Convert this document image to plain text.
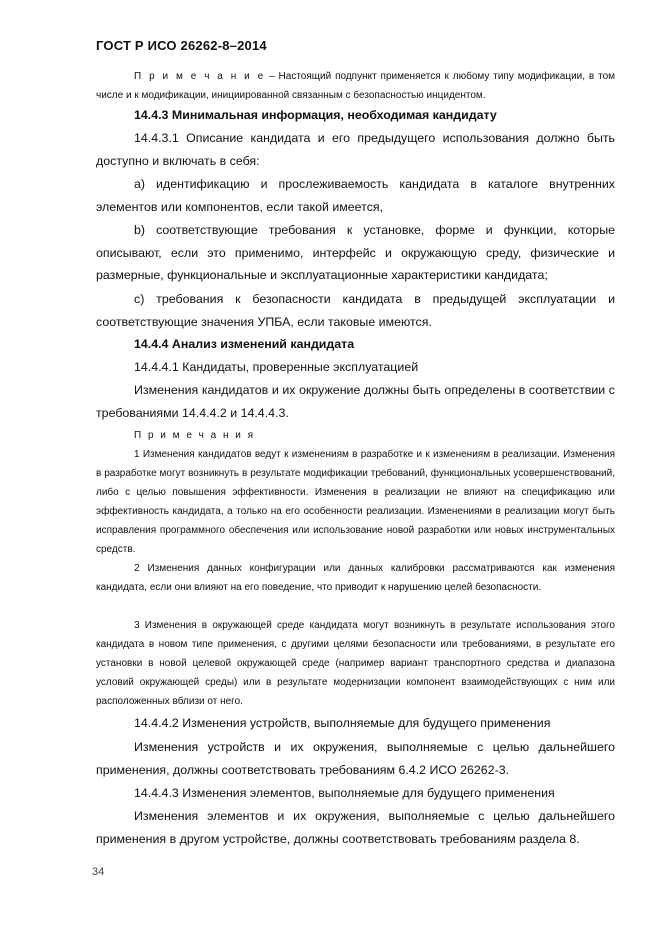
ГОСТ Р ИСО 26262-8–2014

П р и м е ч а н и е – Настоящий подпункт применяется к любому типу модификации, в том числе и к модификации, инициированной связанным с безопасностью инцидентом.

14.4.3 Минимальная информация, необходимая кандидату

14.4.3.1 Описание кандидата и его предыдущего использования должно быть доступно и включать в себя:

a) идентификацию и прослеживаемость кандидата в каталоге внутренних элементов или компонентов, если такой имеется,

b) соответствующие требования к установке, форме и функции, которые описывают, если это применимо, интерфейс и окружающую среду, физические и размерные, функциональные и эксплуатационные характеристики кандидата;

c) требования к безопасности кандидата в предыдущей эксплуатации и соответствующие значения УПБА, если таковые имеются.

14.4.4 Анализ изменений кандидата

14.4.4.1 Кандидаты, проверенные эксплуатацией

Изменения кандидатов и их окружение должны быть определены в соответствии с требованиями 14.4.4.2 и 14.4.4.3.

П р и м е ч а н и я

1 Изменения кандидатов ведут к изменениям в разработке и к изменениям в реализации. Изменения в разработке могут возникнуть в результате модификации требований, функциональных усовершенствований, либо с целью повышения эффективности. Изменения в реализации не влияют на спецификацию или эффективность кандидата, а только на его особенности реализации. Изменениями в реализации могут быть исправления программного обеспечения или использование новой разработки или новых инструментальных средств.

2 Изменения данных конфигурации или данных калибровки рассматриваются как изменения кандидата, если они влияют на его поведение, что приводит к нарушению целей безопасности.

3 Изменения в окружающей среде кандидата могут возникнуть в результате использования этого кандидата в новом типе применения, с другими целями безопасности или требованиями, в результате его установки в новой целевой окружающей среде (например вариант транспортного средства и диапазона условий окружающей среды) или в результате модернизации компонент взаимодействующих с ним или расположенных вблизи от него.

14.4.4.2 Изменения устройств, выполняемые для будущего применения

Изменения устройств и их окружения, выполняемые с целью дальнейшего применения, должны соответствовать требованиям 6.4.2 ИСО 26262-3.

14.4.4.3 Изменения элементов, выполняемые для будущего применения

Изменения элементов и их окружения, выполняемые с целью дальнейшего применения в другом устройстве, должны соответствовать требованиям раздела 8.

34
